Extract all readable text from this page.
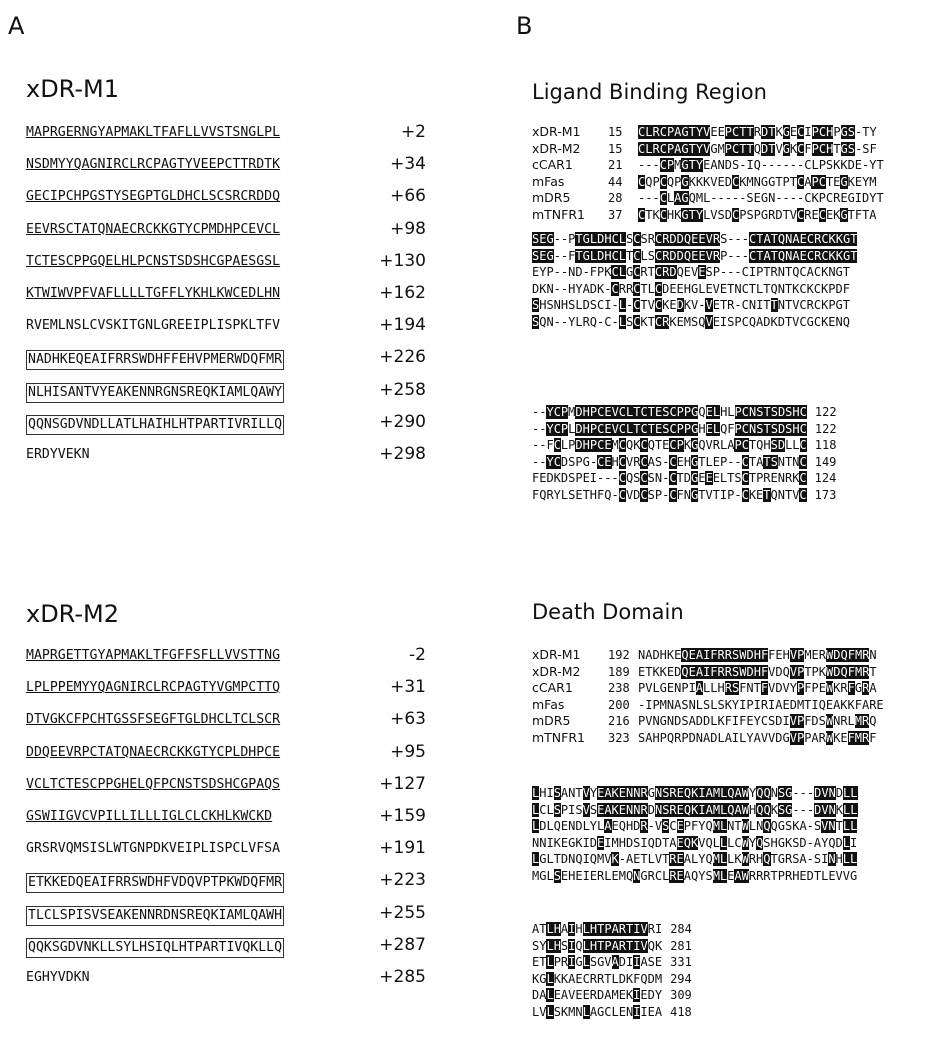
A	B
xDR-M1
MAPRGERNGYAPMAKLTFAFLLVVSTSNGLPL	+2
NSDMYYQAGNIRCLRCPAGTYVEEPCTTRDTK	+34
GECIPCHPGSTYSEGPTGLDHCLSCSRCRDDQ	+66
EEVRSCTATQNAECRCKKGTYCPMDHPCEVCL	+98
TCTESCPPGQELHLPCNSTSDSHCGPAESGSL	+130
KTWIWVPFVAFLLLLTGFFLYKHLKWCEDLHN	+162
RVEMLNSLCVSKITGNLGREEIPLISPKLTFV	+194
NADHKEQEAIFRRSWDHFFEHVPMERWDQFMR	+226
NLHISANTVYEAKENNRGNSREQKIAMLQAWY	+258
QQNSGDVNDLLATLHAIHLHTPARTIVRILLQ	+290
ERDYVEKN	+298
xDR-M2
MAPRGETTGYAPMAKLTFGFFSFLLVVSTTNG	-2
LPLPPEMYYQAGNIRCLRCPAGTYVGMPCTTQ	+31
DTVGKCFPCHTGSSFSEGFTGLDHCLTCLSCR	+63
DDQEEVRPCTATQNAECRCKKGTYCPLDHPCE	+95
VCLTCTESCPPGHELQFPCNSTSDSHCGPAQS	+127
GSWIIGVCVPILLILLLIGLCLCKHLKWCKD	+159
GRSRVQMSISLWTGNPDKVEIPLISPCLVFSA	+191
ETKKEDQEAIFRRSWDHFVDQVPTPKWDQFMR	+223
TLCLSPISVSEAKENNRDNSREQKIAMLQAWH	+255
QQKSGDVNKLLSYLHSIQLHTPARTIVQKLLQ	+287
EGHYVDKN	+285
Ligand Binding Region
xDR-M1	15	CLRCPAGTYVEEPCTTRDTKGECIPCHPGS-TY
xDR-M2	15	CLRCPAGTYVGMPCTTQDTVGKCFPCHTGS-SF
cCAR1	21	---CPMGTYEANDS-IQ------CLPSKKDE-YT
mFas	44	CQPCQPGKKKVEDCKMNGGTPTCAPCTEGKEYM
mDR5	28	---CLAGQML-----SEGN----CKPCREGIDYT
mTNFR1	37	CTKCHKGTYLVSDCPSPGRDTVCRECEKGTFTA
SEG--PTGLDHCLSCSRCRDDQEEVRS---CTATQNAECRCKKGT
SEG--FTGLDHCLTCLSCRDDQEEVRP---CTATQNAECRCKKGT
EYP--ND-FPKCLGCRTCRDQEVESP---CIPTRNTQCACKNGT
DKN--HYADK-CRRCTLCDEEHGLEVETNCTLTQNTKCKCKPDF
SHSNHSLDSCI-L-CTVCKEDKV-VETR-CNITTNTVCRCKPGT
SQN--YLRQ-C-LSCKTCRKEMSQVEISPCQADKDTVCGCKENQ
--YCPMDHPCEVCLTCTESCPPGQELHLPCNSTSDSHC 122
--YCPLDHPCEVCLTCTESCPPGHELQFPCNSTSDSHC 122
--FCLPDHPCEMCQKCQTECPKGQVRLAPCTQHSDLLC 118
--YCDSPG-CEHCVRCAS-CEHGTLEP--CTATSNTNC 149
FEDKDSPEI---CQSCSN-CTDGEEELTSCTPRENRKC 124
FQRYLSETHFQ-CVDCSP-CFNGTVTIP-CKETQNTVC 173
Death Domain
xDR-M1	192 NADHKEQEAIFRRSWDHFFEHVPMERWDQFMRN
xDR-M2	189 ETKKEDQEAIFRRSWDHFVDQVPTPKWDQFMRT
cCAR1	238 PVLGENPIALLHRSFNTFVDVYPFPEWKRFGRA
mFas	200 -IPMNASNLSLSKYIPIRIAEDMTIQEAKKFARE
mDR5	216 PVNGNDSADDLKFIFEYCSDIVPFDSWNRLMRQ
mTNFR1	323 SAHPQRPDNADLAILYAVVDGVPPARWKEFMRF
LHISANTVYEAKENNRGNSREQKIAMLQAWYQQNSG---DVNDLL
LCLSPISVSEAKENNRDNSREQKIAMLQAWHQQKSG---DVNKLL
LDLQENDLYLAEQHDR-VSCEPFYQMLNTWLNQQGSKA-SVNTLL
NNIKEGKIDEIMHDSIQDTAEQKVQLLLCWYQSHGKSD-AYQDLI
LGLTDNQIQMVK-AETLVTREALYQMLLKWRHQTGRSA-SINHLL
MGLSEHEIERLEMQNGRCLREAQYSMLEAWRRRTPRHEDTLEVVG
ATLHAIHLHTPARTIVRI 284
SYLHSIQLHTPARTIVQK 281
ETLPRIGLSGVADIIASE 331
KGLKKAECRRTLDKFQDM 294
DALEAVEERDAMEKIEDY 309
LVLSKMNLAGCLENIIEA 418
